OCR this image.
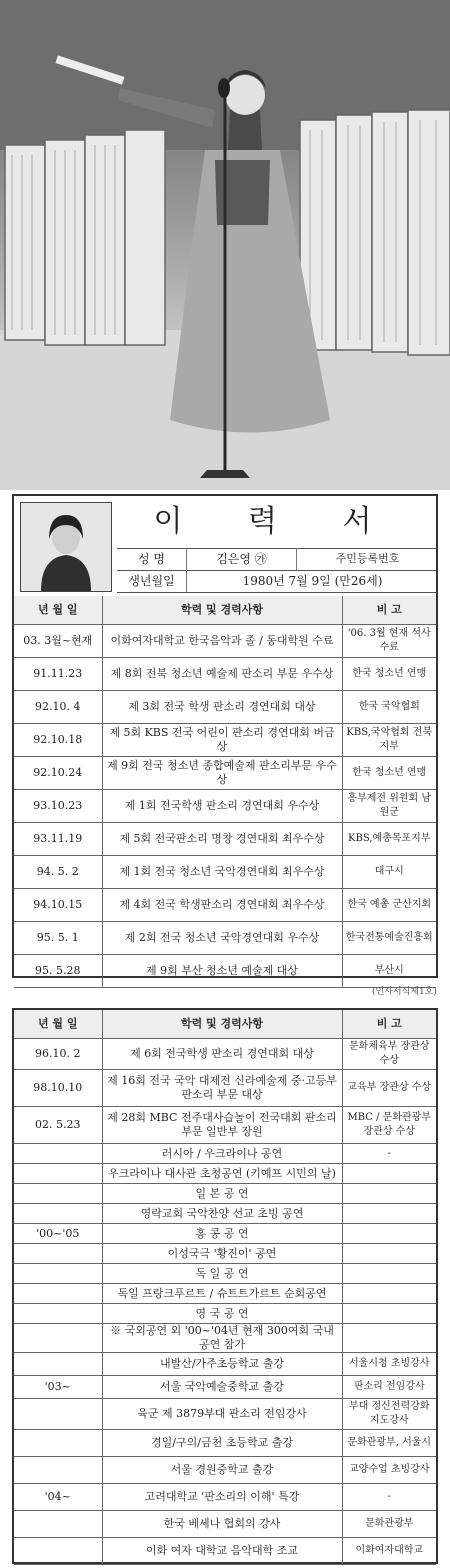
이 력 서
성 명	김은영 ㉮	주민등록번호
생년월일	1980년 7월 9일 (만26세)
년 월 일	학력 및 경력사항	비 고
03. 3월~현재	이화여자대학교 한국음악과 졸 / 동대학원 수료	'06. 3월 현재 석사수료
91.11.23	제 8회 전북 청소년 예술제 판소리 부문 우수상	한국 청소년 연맹
92.10. 4	제 3회 전국 학생 판소리 경연대회 대상	한국 국악협회
92.10.18	제 5회 KBS 전국 어린이 판소리 경연대회 버금상	KBS,국악협회 전북지부
92.10.24	제 9회 전국 청소년 종합예술제 판소리부문 우수상	한국 청소년 연맹
93.10.23	제 1회 전국학생 판소리 경연대회 우수상	흥부제전 위원회 남원군
93.11.19	제 5회 전국판소리 명창 경연대회 최우수상	KBS,예총목포지부
94. 5. 2	제 1회 전국 청소년 국악경연대회 최우수상	대구시
94.10.15	제 4회 전국 학생판소리 경연대회 최우수상	한국 예총 군산지회
95. 5. 1	제 2회 전국 청소년 국악경연대회 우수상	한국전통예술진흥회
95. 5.28	제 9회 부산 청소년 예술제 대상	부산시
(인사서식제1호)
년 월 일	학력 및 경력사항	비 고
96.10. 2	제 6회 전국학생 판소리 경연대회 대상	문화체육부 장관상 수상
98.10.10	제 16회 전국 국악 대제전 신라예술제 중·고등부 판소리 부문 대상	교육부 장관상 수상
02. 5.23	제 28회 MBC 전주대사습놀이 전국대회 판소리부문 일반부 장원	MBC / 문화관광부 장관상 수상
	러시아 / 우크라이나 공연	-
	우크라이나 대사관 초청공연 (키예프 시민의 날)	
	일 본 공 연	
	영락교회 국악찬양 선교 초빙 공연	
'00~'05	홍 콩 공 연	
	이성국극 '황진이' 공연	
	독 일 공 연	
	독일 프랑크푸르트 / 슈트트가르트 순회공연	
	영 국 공 연	
	※ 국외공연 외 '00~'04년 현재 300여회 국내공연 참가	
	내발산/가주초등학교 출강	서울시청 초빙강사
'03~	서울 국악예술중학교 출강	판소리 전임강사
	육군 제 3879부대 판소리 전임강사	부대 정신전력강화 지도강사
	경일/구의/금천 초등학교 출강	문화관광부, 서울시
	서울 경원중학교 출강	교양수업 초빙강사
'04~	고려대학교 '판소리의 이해' 특강	-
	한국 베세나 협회의 강사	문화관광부
	이화 여자 대학교 음악대학 조교	이화여자대학교
